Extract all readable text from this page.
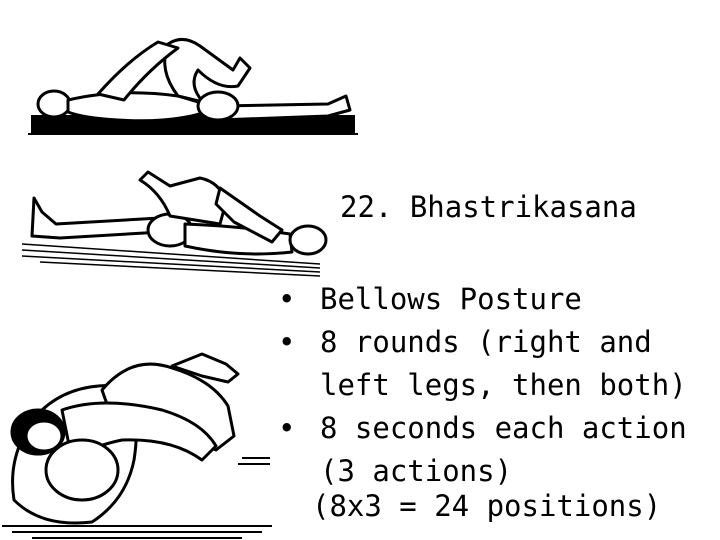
22. Bhastrikasana
• Bellows Posture
• 8 rounds (right and
left legs, then both)
• 8 seconds each action
(3 actions)
(8x3 = 24 positions)
